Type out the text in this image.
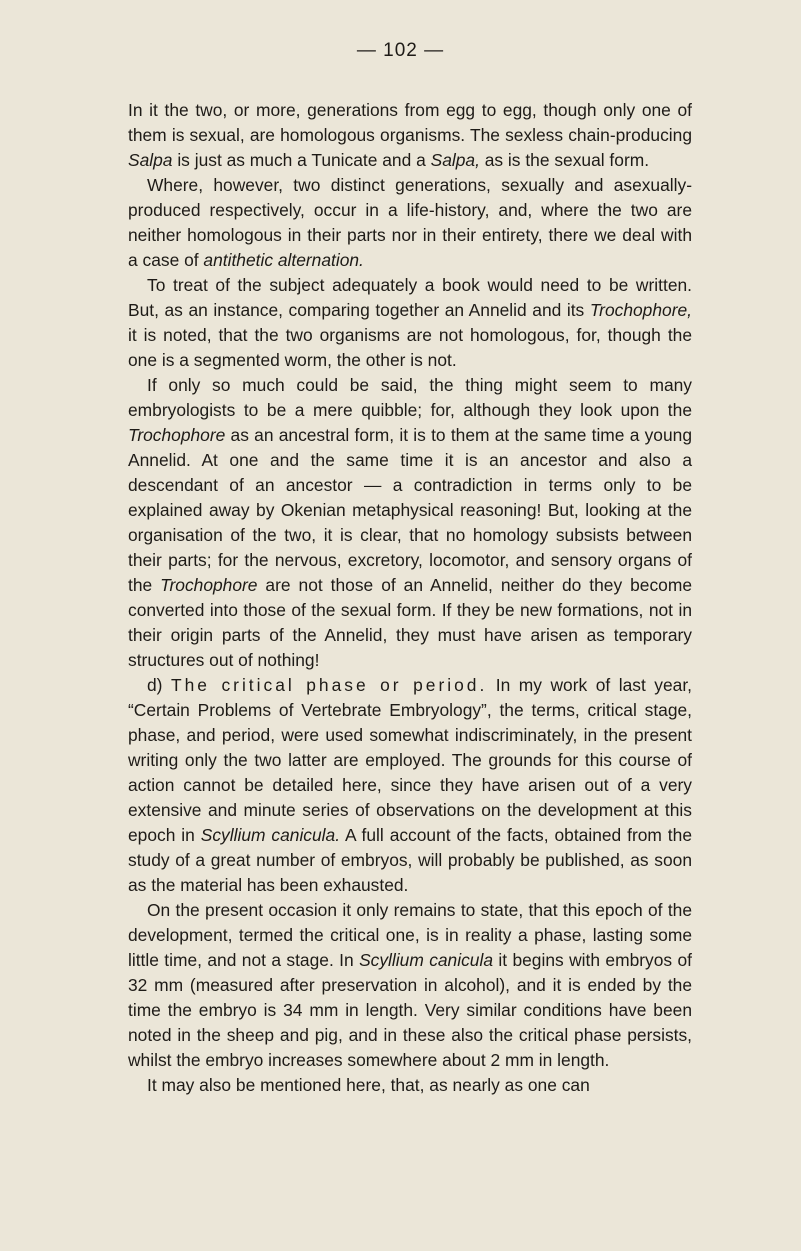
— 102 —

In it the two, or more, generations from egg to egg, though only one of them is sexual, are homologous organisms. The sexless chain-producing Salpa is just as much a Tunicate and a Salpa, as is the sexual form.

Where, however, two distinct generations, sexually and asexually-produced respectively, occur in a life-history, and, where the two are neither homologous in their parts nor in their entirety, there we deal with a case of antithetic alternation.

To treat of the subject adequately a book would need to be written. But, as an instance, comparing together an Annelid and its Trochophore, it is noted, that the two organisms are not homologous, for, though the one is a segmented worm, the other is not.

If only so much could be said, the thing might seem to many embryologists to be a mere quibble; for, although they look upon the Trochophore as an ancestral form, it is to them at the same time a young Annelid. At one and the same time it is an ancestor and also a descendant of an ancestor — a contradiction in terms only to be explained away by Okenian metaphysical reasoning! But, looking at the organisation of the two, it is clear, that no homology subsists between their parts; for the nervous, excretory, locomotor, and sensory organs of the Trochophore are not those of an Annelid, neither do they become converted into those of the sexual form. If they be new formations, not in their origin parts of the Annelid, they must have arisen as temporary structures out of nothing!

d) The critical phase or period. In my work of last year, “Certain Problems of Vertebrate Embryology”, the terms, critical stage, phase, and period, were used somewhat indiscriminately, in the present writing only the two latter are employed. The grounds for this course of action cannot be detailed here, since they have arisen out of a very extensive and minute series of observations on the development at this epoch in Scyllium canicula. A full account of the facts, obtained from the study of a great number of embryos, will probably be published, as soon as the material has been exhausted.

On the present occasion it only remains to state, that this epoch of the development, termed the critical one, is in reality a phase, lasting some little time, and not a stage. In Scyllium canicula it begins with embryos of 32 mm (measured after preservation in alcohol), and it is ended by the time the embryo is 34 mm in length. Very similar conditions have been noted in the sheep and pig, and in these also the critical phase persists, whilst the embryo increases somewhere about 2 mm in length.

It may also be mentioned here, that, as nearly as one can
